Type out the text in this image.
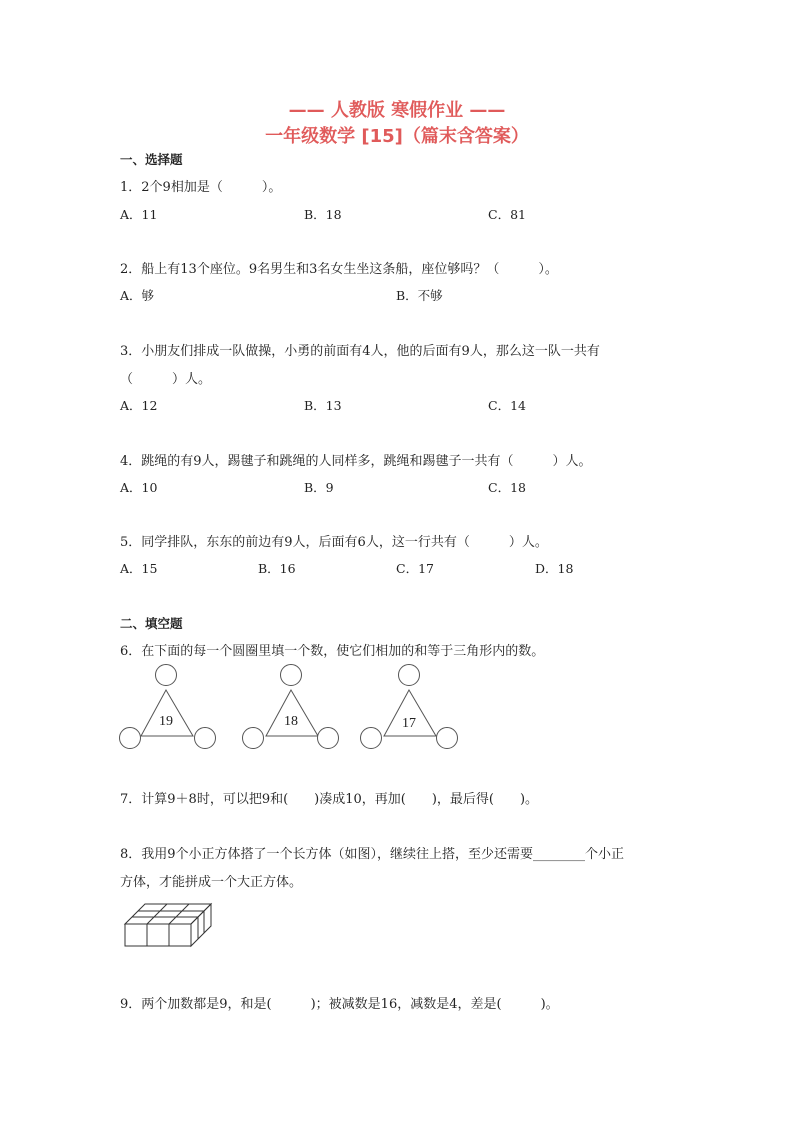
—— 人教版 寒假作业 ——
一年级数学 [15]（篇末含答案）
一、选择题
1．2个9相加是（　　　）。
A．11	B．18	C．81
2．船上有13个座位。9名男生和3名女生坐这条船，座位够吗？（　　　）。
A．够	B．不够
3．小朋友们排成一队做操，小勇的前面有4人，他的后面有9人，那么这一队一共有
（　　　）人。
A．12	B．13	C．14
4．跳绳的有9人，踢毽子和跳绳的人同样多，跳绳和踢毽子一共有（　　　）人。
A．10	B．9	C．18
5．同学排队，东东的前边有9人，后面有6人，这一行共有（　　　）人。
A．15	B．16	C．17	D．18
二、填空题
6．在下面的每一个圆圈里填一个数，使它们相加的和等于三角形内的数。
19	18	17
7．计算9＋8时，可以把9和(　　)凑成10，再加(　　)，最后得(　　)。
8．我用9个小正方体搭了一个长方体（如图），继续往上搭，至少还需要________个小正
方体，才能拼成一个大正方体。
9．两个加数都是9，和是(　　　)；被减数是16，减数是4，差是(　　　)。
